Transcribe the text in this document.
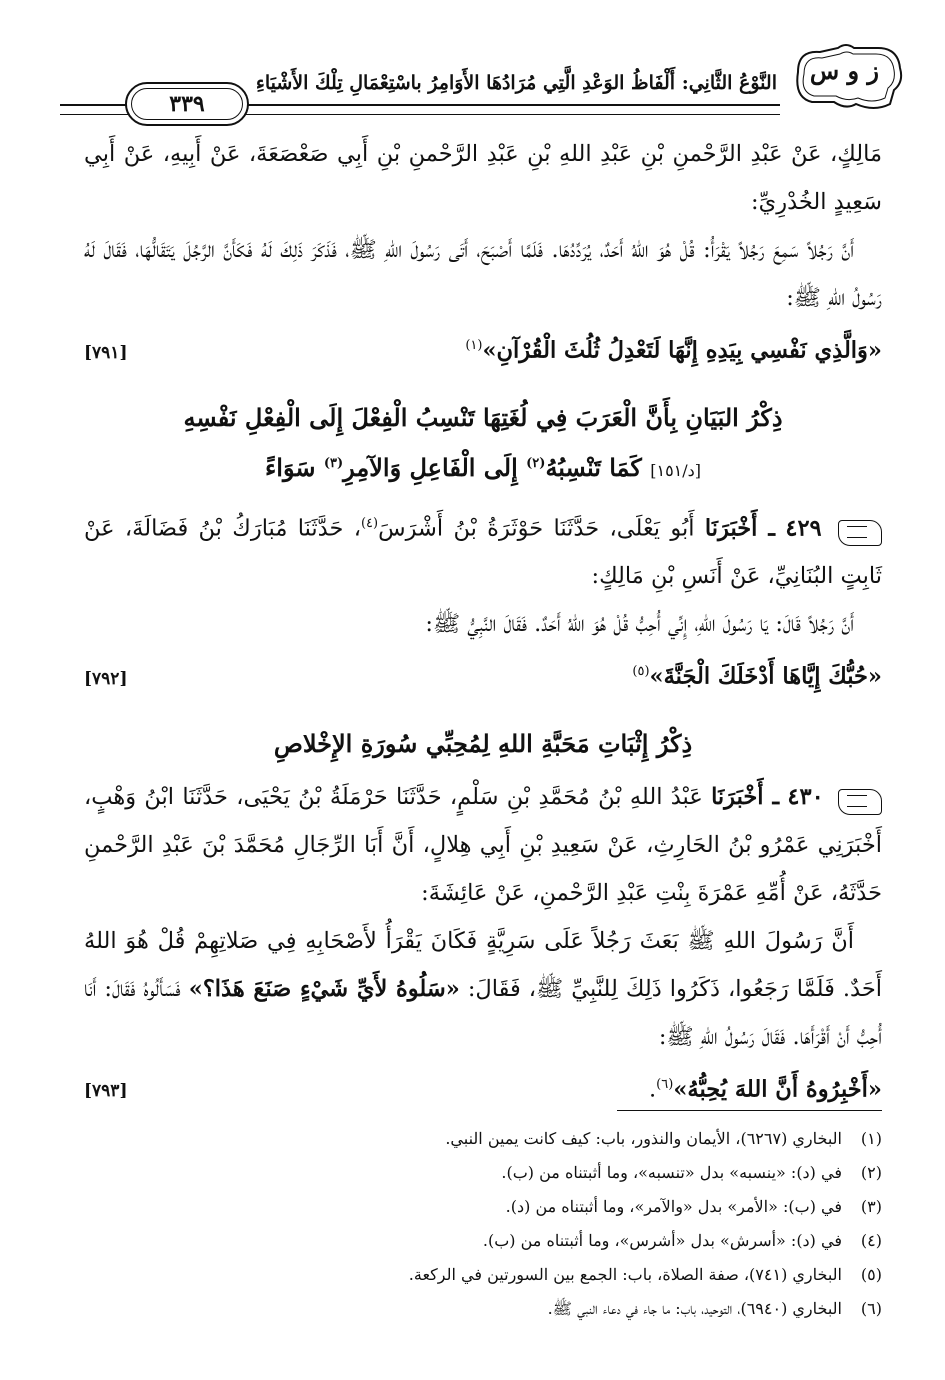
ز و س
النَّوْعُ الثَّانِي: أَلْفَاظُ الوَعْدِ الَّتِي مُرَادُهَا الأَوَامِرُ باسْتِعْمَالِ تِلْكَ الأَشْيَاءِ
٣٣٩

مَالِكٍ، عَنْ عَبْدِ الرَّحْمنِ بْنِ عَبْدِ اللهِ بْنِ عَبْدِ الرَّحْمنِ بْنِ أَبِي صَعْصَعَةَ، عَنْ أَبِيهِ، عَنْ أَبِي سَعِيدٍ الخُدْرِيِّ:

أَنَّ رَجُلاً سَمِعَ رَجُلاً يَقْرَأُ: قُلْ هُوَ اللهُ أَحَدٌ، يُرَدِّدُهَا. فَلَمَّا أَصْبَحَ، أَتَى رَسُولَ اللهِ ﷺ، فَذَكَرَ ذَلِكَ لَهُ فَكَأَنَّ الرَّجُلَ يَتَقَالُّهَا، فَقَالَ لَهُ رَسُولُ اللهِ ﷺ:

«وَالَّذِي نَفْسِي بِيَدِهِ إِنَّهَا لَتَعْدِلُ ثُلُثَ الْقُرْآنِ»$^{(١)}$
[٧٩١]
ذِكْرُ البَيَانِ بِأَنَّ الْعَرَبَ فِي لُغَتِهَا تَنْسِبُ الْفِعْلَ إِلَى الْفِعْلِ نَفْسِهِ
[د/١٥١] كَمَا تَنْسِبُهُ$^{(٢)}$ إِلَى الْفَاعِلِ وَالآمِرِ$^{(٣)}$ سَوَاءً

٤٢٩ ـ أَخْبَرَنَا أَبُو يَعْلَى، حَدَّثَنَا حَوْثَرَةُ بْنُ أَشْرَسَ$^{(٤)}$، حَدَّثَنَا مُبَارَكُ بْنُ فَضَالَةَ، عَنْ ثَابِتٍ البُنَانِيِّ، عَنْ أَنَسِ بْنِ مَالِكٍ:

أَنَّ رَجُلاً قَالَ: يَا رَسُولَ اللهِ، إِنِّي أُحِبُّ قُلْ هُوَ اللهُ أَحَدٌ. فَقَالَ النَّبِيُّ ﷺ:

«حُبُّكَ إِيَّاهَا أَدْخَلَكَ الْجَنَّةَ»$^{(٥)}$
[٧٩٢]
ذِكْرُ إِثْبَاتِ مَحَبَّةِ اللهِ لِمُحِبِّي سُورَةِ الإِخْلاصِ

٤٣٠ ـ أَخْبَرَنَا عَبْدُ اللهِ بْنُ مُحَمَّدِ بْنِ سَلْمٍ، حَدَّثَنَا حَرْمَلَةُ بْنُ يَحْيَى، حَدَّثَنَا ابْنُ وَهْبٍ، أَخْبَرَنِي عَمْرُو بْنُ الحَارِثِ، عَنْ سَعِيدِ بْنِ أَبِي هِلالٍ، أَنَّ أَبَا الرِّجَالِ مُحَمَّدَ بْنَ عَبْدِ الرَّحْمنِ حَدَّثَهُ، عَنْ أُمِّهِ عَمْرَةَ بِنْتِ عَبْدِ الرَّحْمنِ، عَنْ عَائِشَةَ:

أَنَّ رَسُولَ اللهِ ﷺ بَعَثَ رَجُلاً عَلَى سَرِيَّةٍ فَكَانَ يَقْرَأُ لأَصْحَابِهِ فِي صَلاتِهِمْ قُلْ هُوَ اللهُ أَحَدٌ. فَلَمَّا رَجَعُوا، ذَكَرُوا ذَلِكَ لِلنَّبِيِّ ﷺ، فَقَالَ: «سَلُوهُ لأَيِّ شَيْءٍ صَنَعَ هَذَا؟» فَسَأَلُوهُ فَقَالَ: أَنَا أُحِبُّ أَنْ أَقْرَأَهَا. فَقَالَ رَسُولُ اللهِ ﷺ:

«أَخْبِرُوهُ أَنَّ اللهَ يُحِبُّهُ»$^{(٦)}$.
[٧٩٣]

(١)البخاري (٦٢٦٧)، الأيمان والنذور، باب: كيف كانت يمين النبي.

(٢)في (د): «ينسبه» بدل «تنسبه»، وما أثبتناه من (ب).

(٣)في (ب): «الأمر» بدل «والآمر»، وما أثبتناه من (د).

(٤)في (د): «أسرش» بدل «أشرس»، وما أثبتناه من (ب).

(٥)البخاري (٧٤١)، صفة الصلاة، باب: الجمع بين السورتين في الركعة.

(٦)البخاري (٦٩٤٠)، التوحيد، باب: ما جاء في دعاء النبي ﷺ.
